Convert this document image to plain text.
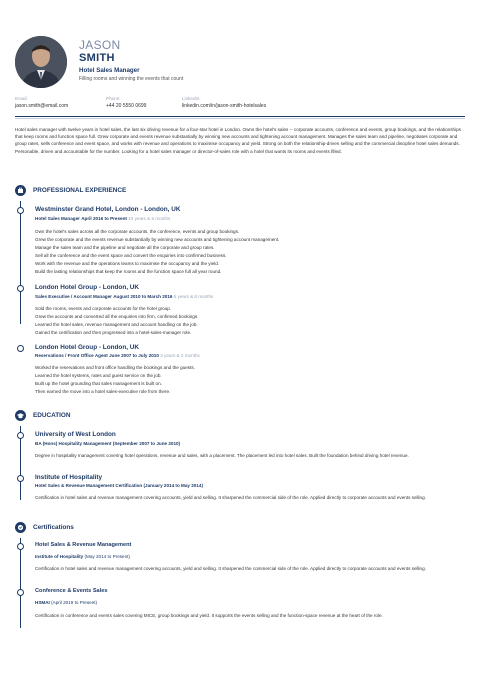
JASON
SMITH
Hotel Sales Manager
Filling rooms and winning the events that count
Email:
jason.smith@email.com
Phone:
+44 20 5550 0699
LinkedIn:
linkedin.com/in/jason-smith-hotelsales
Hotel sales manager with twelve years in hotel sales, the last six driving revenue for a four-star hotel in London. Owns the hotel's sales -- corporate accounts, conference and events, group bookings, and the relationships that keep rooms and function space full. Grew corporate and events revenue substantially by winning new accounts and tightening account management. Manages the sales team and pipeline, negotiates corporate and group rates, sells conference and event space, and works with revenue and operations to maximise occupancy and yield. Strong on both the relationship-driven selling and the commercial discipline hotel sales demands. Personable, driven and accountable for the number. Looking for a hotel sales manager or director-of-sales role with a hotel that wants its rooms and events filled.
PROFESSIONAL EXPERIENCE
Westminster Grand Hotel, London - London, UK
Hotel Sales Manager April 2016 to Present 10 years & 5 months
Own the hotel's sales across all the corporate accounts, the conference, events and group bookings.
Grew the corporate and the events revenue substantially by winning new accounts and tightening account management.
Manage the sales team and the pipeline and negotiate all the corporate and group rates.
Sell all the conference and the event space and convert the enquiries into confirmed business.
Work with the revenue and the operations teams to maximise the occupancy and the yield.
Build the lasting relationships that keep the rooms and the function space full all year round.
London Hotel Group - London, UK
Sales Executive / Account Manager August 2010 to March 2016 5 years & 8 months
Sold the rooms, events and corporate accounts for the hotel group.
Grew the accounts and converted all the enquiries into firm, confirmed bookings.
Learned the hotel sales, revenue management and account handling on the job.
Gained the certification and then progressed into a hotel-sales-manager role.
London Hotel Group - London, UK
Reservations / Front Office Agent June 2007 to July 2010 3 years & 2 months
Worked the reservations and front office handling the bookings and the guests.
Learned the hotel systems, rates and guest service on the job.
Built up the hotel grounding that sales management is built on.
Then earned the move into a hotel sales-executive role from there.
EDUCATION
University of West London
BA (Hons) Hospitality Management (September 2007 to June 2010)
Degree in hospitality management covering hotel operations, revenue and sales, with a placement. The placement led into hotel sales. Built the foundation behind driving hotel revenue.
Institute of Hospitality
Hotel Sales & Revenue Management Certification (January 2014 to May 2014)
Certification in hotel sales and revenue management covering accounts, yield and selling. It sharpened the commercial side of the role. Applied directly to corporate accounts and events selling.
Certifications
Hotel Sales & Revenue Management
Institute of Hospitality (May 2014 to Present)
Certification in hotel sales and revenue management covering accounts, yield and selling. It sharpened the commercial side of the role. Applied directly to corporate accounts and events selling.
Conference & Events Sales
HSMAI (April 2019 to Present)
Certification in conference and events sales covering MICE, group bookings and yield. It supports the events selling and the function-space revenue at the heart of the role.
